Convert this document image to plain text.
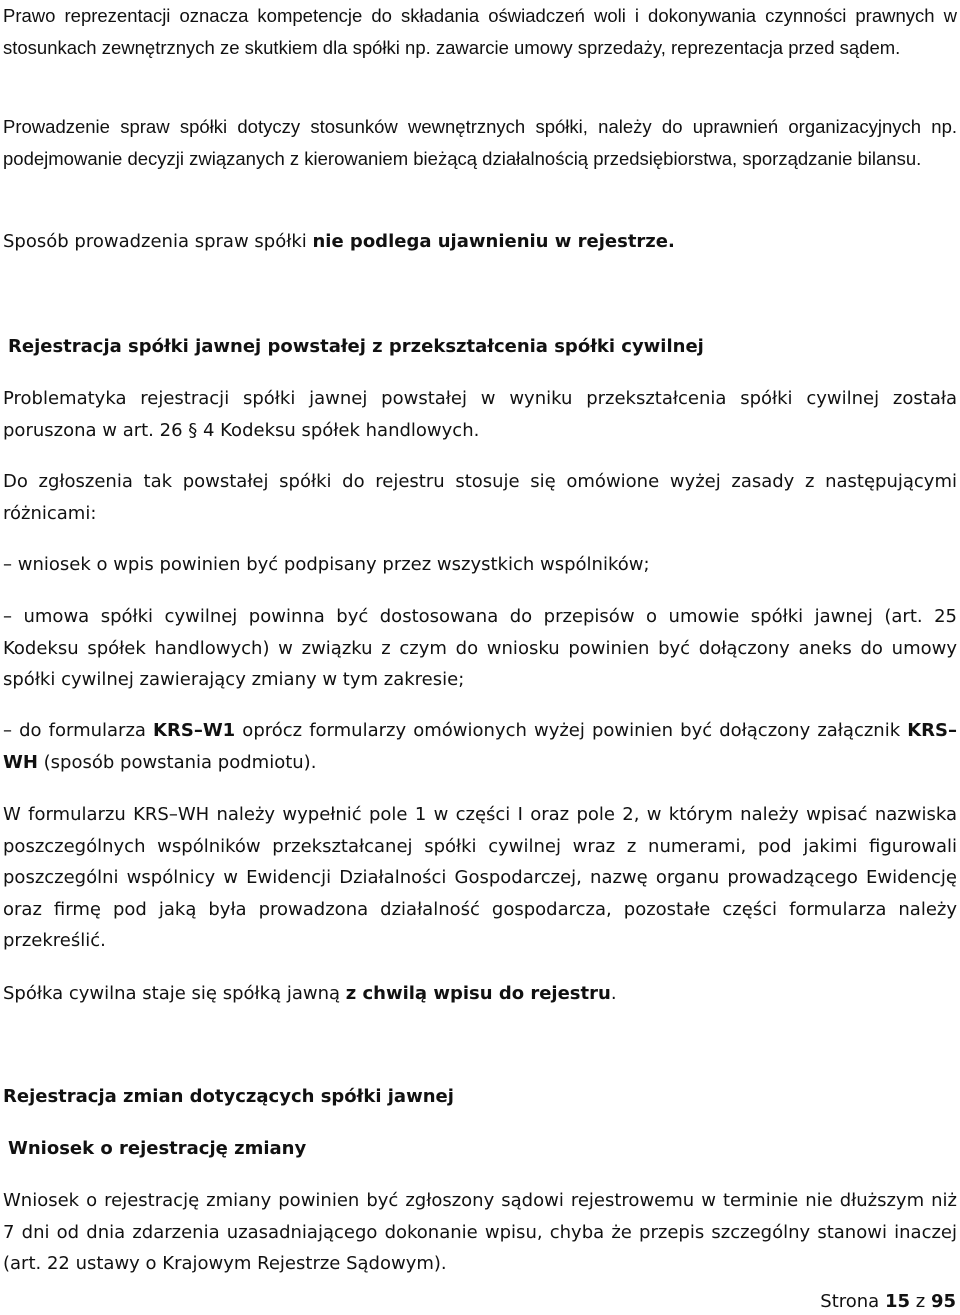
Prawo reprezentacji oznacza kompetencje do składania oświadczeń woli i dokonywania czynności prawnych w stosunkach zewnętrznych ze skutkiem dla spółki np. zawarcie umowy sprzedaży, reprezentacja przed sądem.

Prowadzenie spraw spółki dotyczy stosunków wewnętrznych spółki, należy do uprawnień organizacyjnych np. podejmowanie decyzji związanych z kierowaniem bieżącą działalnością przedsiębiorstwa, sporządzanie bilansu.

Sposób prowadzenia spraw spółki nie podlega ujawnieniu w rejestrze.

Rejestracja spółki jawnej powstałej z przekształcenia spółki cywilnej

Problematyka rejestracji spółki jawnej powstałej w wyniku przekształcenia spółki cywilnej została poruszona w art. 26 § 4 Kodeksu spółek handlowych.

Do zgłoszenia tak powstałej spółki do rejestru stosuje się omówione wyżej zasady z następującymi różnicami:

– wniosek o wpis powinien być podpisany przez wszystkich wspólników;

– umowa spółki cywilnej powinna być dostosowana do przepisów o umowie spółki jawnej (art. 25 Kodeksu spółek handlowych) w związku z czym do wniosku powinien być dołączony aneks do umowy spółki cywilnej zawierający zmiany w tym zakresie;

– do formularza KRS–W1 oprócz formularzy omówionych wyżej powinien być dołączony załącznik KRS–WH (sposób powstania podmiotu).

W formularzu KRS–WH należy wypełnić pole 1 w części I oraz pole 2, w którym należy wpisać nazwiska poszczególnych wspólników przekształcanej spółki cywilnej wraz z numerami, pod jakimi figurowali poszczególni wspólnicy w Ewidencji Działalności Gospodarczej, nazwę organu prowadzącego Ewidencję oraz firmę pod jaką była prowadzona działalność gospodarcza, pozostałe części formularza należy przekreślić.

Spółka cywilna staje się spółką jawną z chwilą wpisu do rejestru.

Rejestracja zmian dotyczących spółki jawnej

Wniosek o rejestrację zmiany

Wniosek o rejestrację zmiany powinien być zgłoszony sądowi rejestrowemu w terminie nie dłuższym niż 7 dni od dnia zdarzenia uzasadniającego dokonanie wpisu, chyba że przepis szczególny stanowi inaczej (art. 22 ustawy o Krajowym Rejestrze Sądowym).

Strona 15 z 95
